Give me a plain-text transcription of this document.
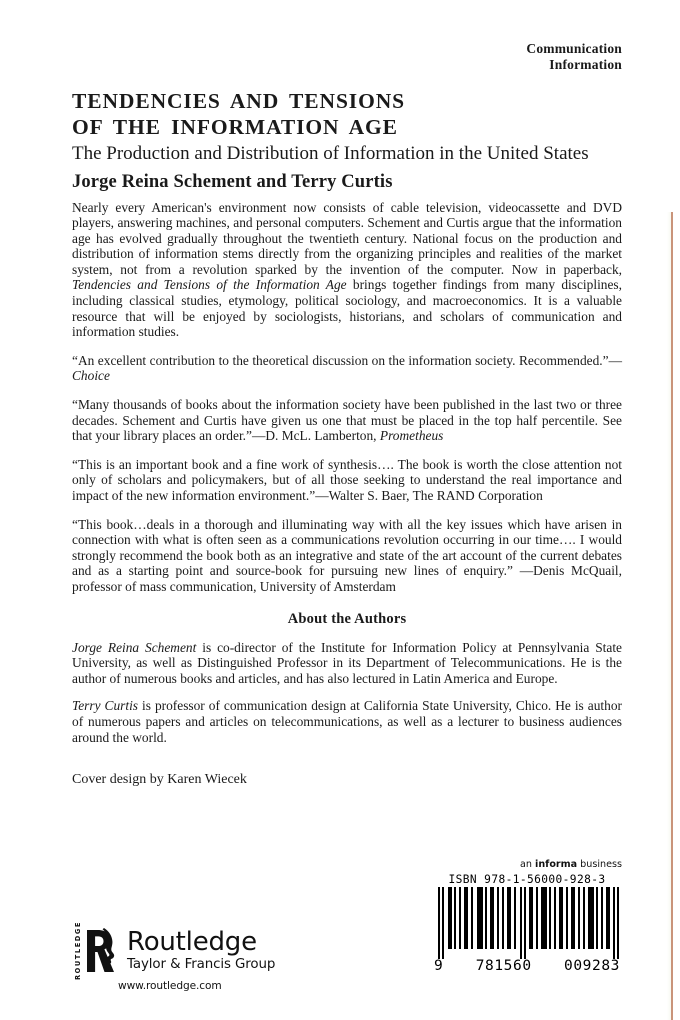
Communication
Information
TENDENCIES AND TENSIONS
OF THE INFORMATION AGE
The Production and Distribution of Information in the United States
Jorge Reina Schement and Terry Curtis

Nearly every American's environment now consists of cable television, videocassette and DVD players, answering machines, and personal computers. Schement and Curtis argue that the information age has evolved gradually throughout the twentieth century. National focus on the production and distribution of information stems directly from the organizing principles and realities of the market system, not from a revolution sparked by the invention of the computer. Now in paperback, Tendencies and Tensions of the Information Age brings together findings from many disciplines, including classical studies, etymology, political sociology, and macroeconomics. It is a valuable resource that will be enjoyed by sociologists, historians, and scholars of communication and information studies.

“An excellent contribution to the theoretical discussion on the information society. Recommended.”—Choice

“Many thousands of books about the information society have been published in the last two or three decades. Schement and Curtis have given us one that must be placed in the top half percentile. See that your library places an order.”—D. McL. Lamberton, Prometheus

“This is an important book and a fine work of synthesis…. The book is worth the close attention not only of scholars and policymakers, but of all those seeking to understand the real importance and impact of the new information environment.”—Walter S. Baer, The RAND Corporation

“This book…deals in a thorough and illuminating way with all the key issues which have arisen in connection with what is often seen as a communications revolution occurring in our time…. I would strongly recommend the book both as an integrative and state of the art account of the current debates and as a starting point and source-book for pursuing new lines of enquiry.” —Denis McQuail, professor of mass communication, University of Amsterdam

About the Authors

Jorge Reina Schement is co-director of the Institute for Information Policy at Pennsylvania State University, as well as Distinguished Professor in its Department of Telecommunications. He is the author of numerous books and articles, and has also lectured in Latin America and Europe.

Terry Curtis is professor of communication design at California State University, Chico. He is author of numerous papers and articles on telecommunications, as well as a lecturer to business audiences around the world.

Cover design by Karen Wiecek
ROUTLEDGE Routledge
Taylor & Francis Group
www.routledge.com
an informa business
ISBN 978-1-56000-928-3
9 781560 009283
